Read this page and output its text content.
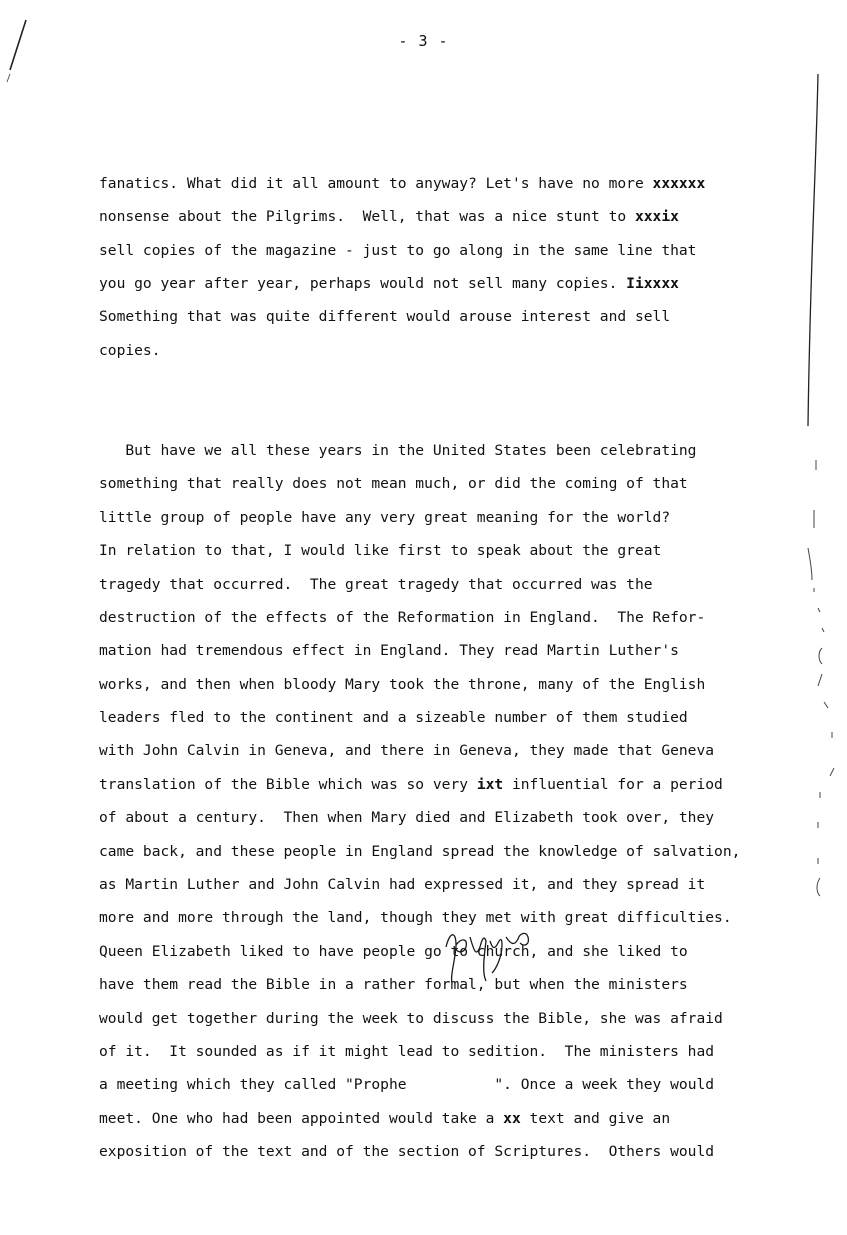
- 3 -

fanatics. What did it all amount to anyway? Let's have no more xxxxxx
nonsense about the Pilgrims.  Well, that was a nice stunt to xxxix
sell copies of the magazine - just to go along in the same line that
you go year after year, perhaps would not sell many copies. Iixxxx
Something that was quite different would arouse interest and sell
copies.

But have we all these years in the United States been celebrating
something that really does not mean much, or did the coming of that
little group of people have any very great meaning for the world?
In relation to that, I would like first to speak about the great
tragedy that occurred.  The great tragedy that occurred was the
destruction of the effects of the Reformation in England.  The Refor-
mation had tremendous effect in England. They read Martin Luther's
works, and then when bloody Mary took the throne, many of the English
leaders fled to the continent and a sizeable number of them studied
with John Calvin in Geneva, and there in Geneva, they made that Geneva
translation of the Bible which was so very ixt influential for a period
of about a century.  Then when Mary died and Elizabeth took over, they
came back, and these people in England spread the knowledge of salvation,
as Martin Luther and John Calvin had expressed it, and they spread it
more and more through the land, though they met with great difficulties.
Queen Elizabeth liked to have people go to church, and she liked to
have them read the Bible in a rather formal, but when the ministers
would get together during the week to discuss the Bible, she was afraid
of it.  It sounded as if it might lead to sedition.  The ministers had
a meeting which they called "Prophe          ". Once a week they would
meet. One who had been appointed would take a xx text and give an
exposition of the text and of the section of Scriptures.  Others would
